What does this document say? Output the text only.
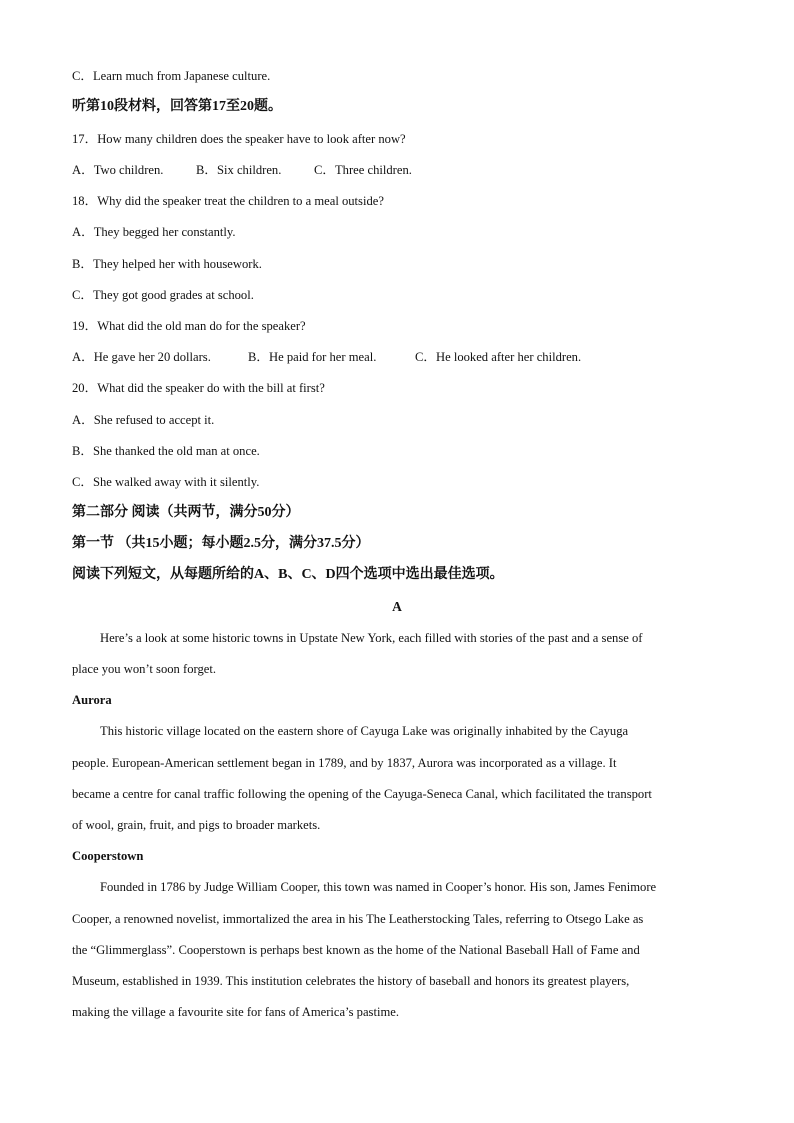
C．Learn much from Japanese culture.

听第10段材料，回答第17至20题。

17．How many children does the speaker have to look after now?

A．Two children.	B．Six children.	C．Three children.

18．Why did the speaker treat the children to a meal outside?

A．They begged her constantly.

B．They helped her with housework.

C．They got good grades at school.

19．What did the old man do for the speaker?

A．He gave her 20 dollars.	B．He paid for her meal.	C．He looked after her children.

20．What did the speaker do with the bill at first?

A．She refused to accept it.

B．She thanked the old man at once.

C．She walked away with it silently.

第二部分 阅读（共两节，满分50分）

第一节 （共15小题；每小题2.5分，满分37.5分）

阅读下列短文，从每题所给的A、B、C、D四个选项中选出最佳选项。

A

Here’s a look at some historic towns in Upstate New York, each filled with stories of the past and a sense of

place you won’t soon forget.

Aurora

This historic village located on the eastern shore of Cayuga Lake was originally inhabited by the Cayuga

people. European-American settlement began in 1789, and by 1837, Aurora was incorporated as a village. It

became a centre for canal traffic following the opening of the Cayuga-Seneca Canal, which facilitated the transport

of wool, grain, fruit, and pigs to broader markets.

Cooperstown

Founded in 1786 by Judge William Cooper, this town was named in Cooper’s honor. His son, James Fenimore

Cooper, a renowned novelist, immortalized the area in his The Leatherstocking Tales, referring to Otsego Lake as

the “Glimmerglass”. Cooperstown is perhaps best known as the home of the National Baseball Hall of Fame and

Museum, established in 1939. This institution celebrates the history of baseball and honors its greatest players,

making the village a favourite site for fans of America’s pastime.
